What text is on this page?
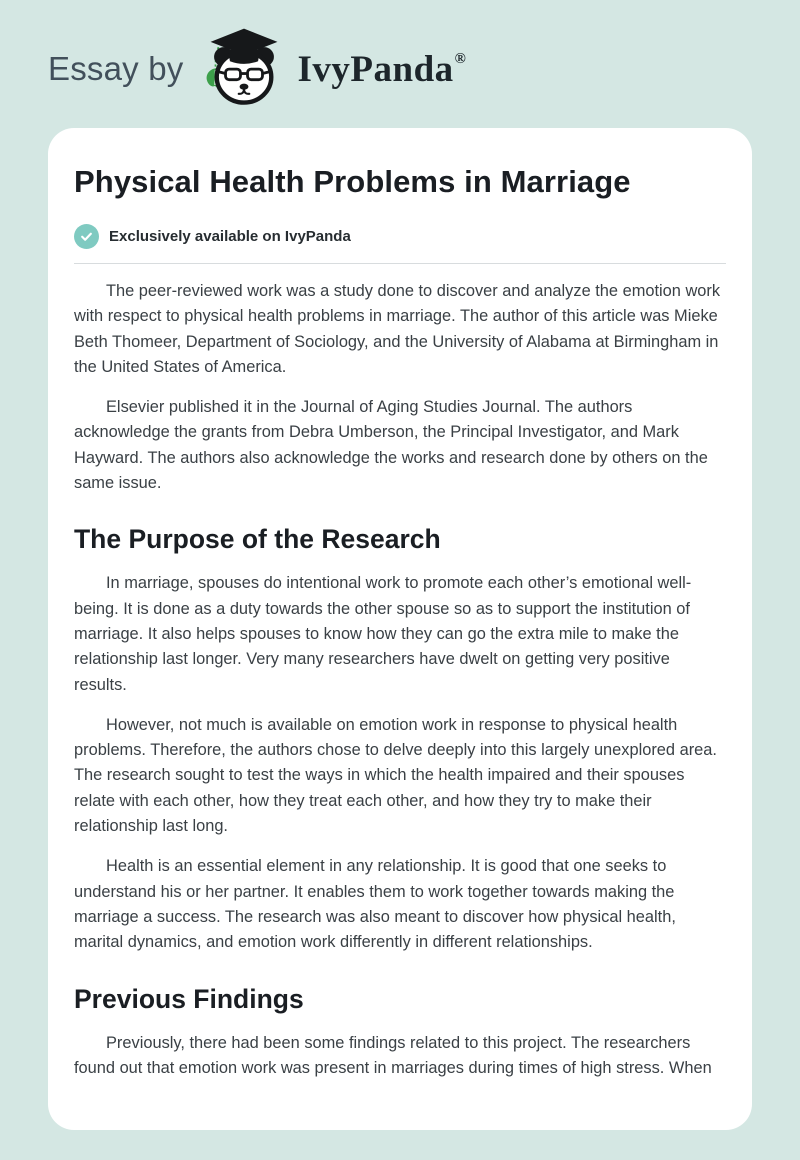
Essay by	IvyPanda®
Physical Health Problems in Marriage
Exclusively available on IvyPanda

The peer-reviewed work was a study done to discover and analyze the emotion work with respect to physical health problems in marriage. The author of this article was Mieke Beth Thomeer, Department of Sociology, and the University of Alabama at Birmingham in the United States of America.

Elsevier published it in the Journal of Aging Studies Journal. The authors acknowledge the grants from Debra Umberson, the Principal Investigator, and Mark Hayward. The authors also acknowledge the works and research done by others on the same issue.

The Purpose of the Research

In marriage, spouses do intentional work to promote each other’s emotional well-being. It is done as a duty towards the other spouse so as to support the institution of marriage. It also helps spouses to know how they can go the extra mile to make the relationship last longer. Very many researchers have dwelt on getting very positive results.

However, not much is available on emotion work in response to physical health problems. Therefore, the authors chose to delve deeply into this largely unexplored area. The research sought to test the ways in which the health impaired and their spouses relate with each other, how they treat each other, and how they try to make their relationship last long.

Health is an essential element in any relationship. It is good that one seeks to understand his or her partner. It enables them to work together towards making the marriage a success. The research was also meant to discover how physical health, marital dynamics, and emotion work differently in different relationships.

Previous Findings

Previously, there had been some findings related to this project. The researchers found out that emotion work was present in marriages during times of high stress. When
